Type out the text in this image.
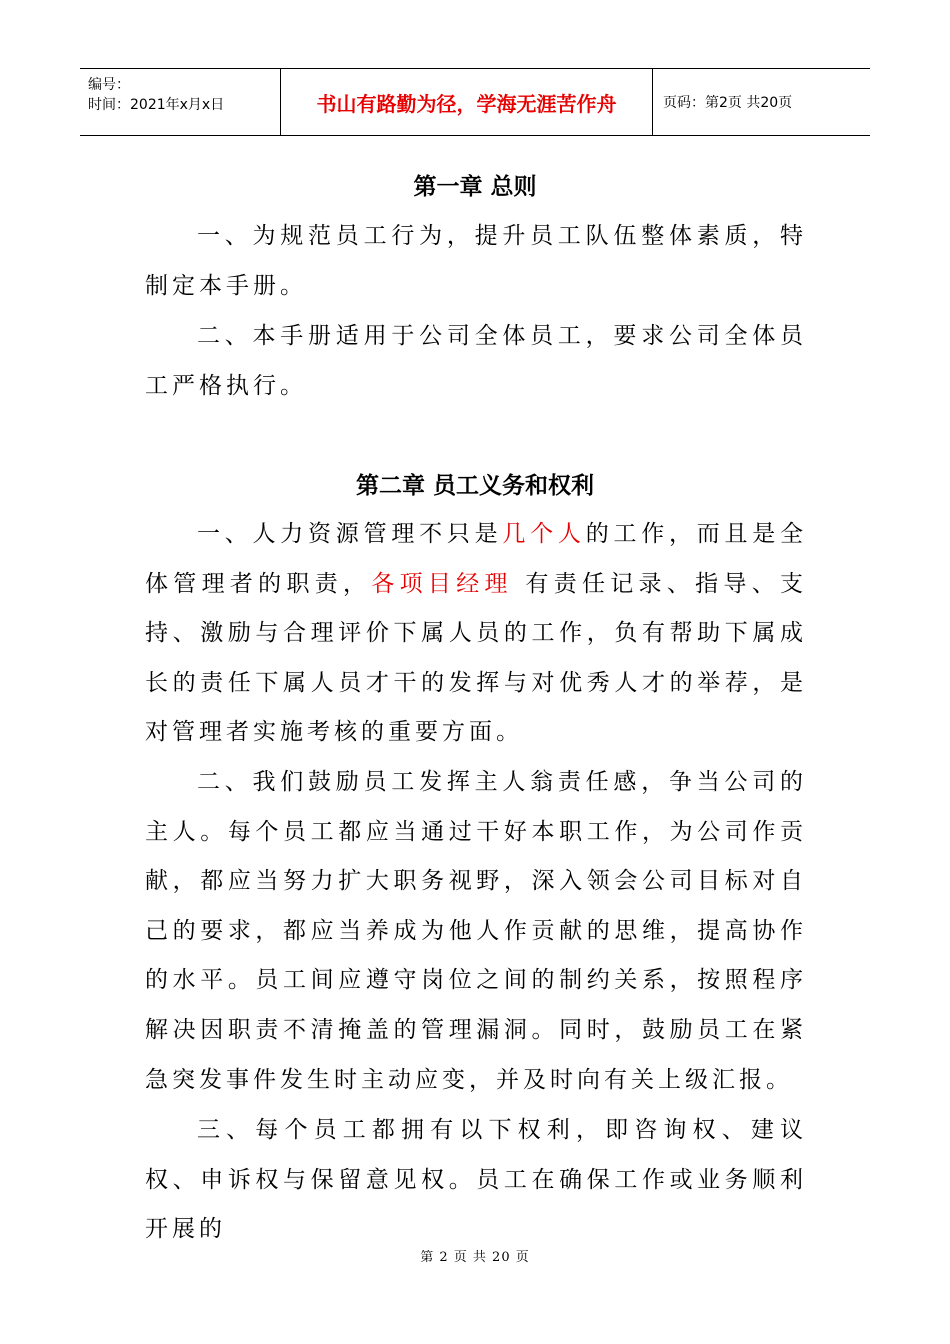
编号：
时间：2021年x月x日	书山有路勤为径，学海无涯苦作舟	页码：第2页 共20页
第一章 总则
一、为规范员工行为，提升员工队伍整体素质，特制定本手册。
二、本手册适用于公司全体员工，要求公司全体员工严格执行。
第二章 员工义务和权利
一、人力资源管理不只是几个人的工作，而且是全体管理者的职责，各项目经理 有责任记录、指导、支持、激励与合理评价下属人员的工作，负有帮助下属成长的责任下属人员才干的发挥与对优秀人才的举荐，是对管理者实施考核的重要方面。
二、我们鼓励员工发挥主人翁责任感，争当公司的主人。每个员工都应当通过干好本职工作，为公司作贡献，都应当努力扩大职务视野，深入领会公司目标对自己的要求，都应当养成为他人作贡献的思维，提高协作的水平。员工间应遵守岗位之间的制约关系，按照程序解决因职责不清掩盖的管理漏洞。同时，鼓励员工在紧急突发事件发生时主动应变，并及时向有关上级汇报。
三、每个员工都拥有以下权利，即咨询权、建议权、申诉权与保留意见权。员工在确保工作或业务顺利开展的
第 2 页 共 20 页
